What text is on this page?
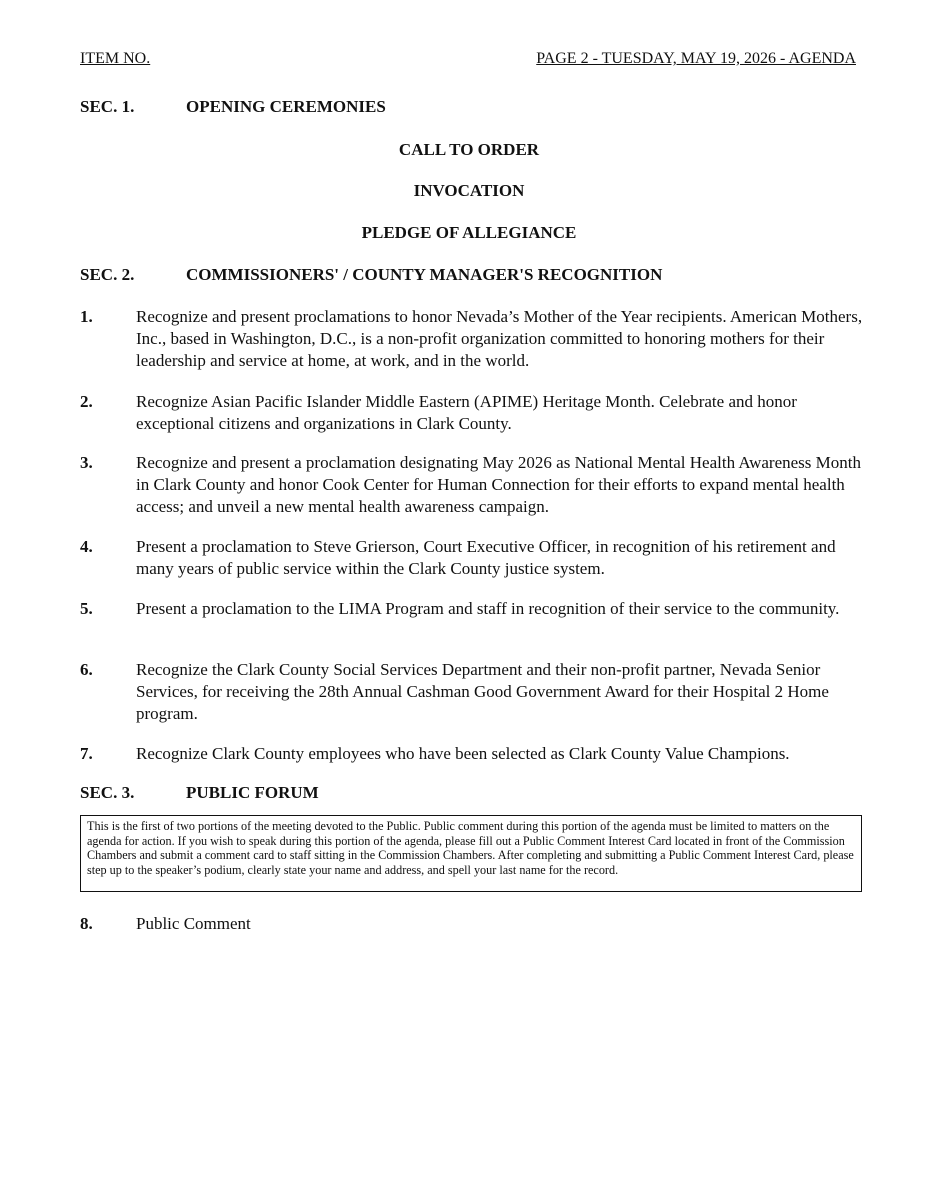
ITEM NO.	PAGE 2 - TUESDAY, MAY 19, 2026 - AGENDA
SEC. 1.	OPENING CEREMONIES
CALL TO ORDER
INVOCATION
PLEDGE OF ALLEGIANCE
SEC. 2.	COMMISSIONERS' / COUNTY MANAGER'S RECOGNITION
1.	Recognize and present proclamations to honor Nevada’s Mother of the Year recipients. American Mothers, Inc., based in Washington, D.C., is a non-profit organization committed to honoring mothers for their leadership and service at home, at work, and in the world.
2.	Recognize Asian Pacific Islander Middle Eastern (APIME) Heritage Month. Celebrate and honor exceptional citizens and organizations in Clark County.
3.	Recognize and present a proclamation designating May 2026 as National Mental Health Awareness Month in Clark County and honor Cook Center for Human Connection for their efforts to expand mental health access; and unveil a new mental health awareness campaign.
4.	Present a proclamation to Steve Grierson, Court Executive Officer, in recognition of his retirement and many years of public service within the Clark County justice system.
5.	Present a proclamation to the LIMA Program and staff in recognition of their service to the community.
6.	Recognize the Clark County Social Services Department and their non-profit partner, Nevada Senior Services, for receiving the 28th Annual Cashman Good Government Award for their Hospital 2 Home program.
7.	Recognize Clark County employees who have been selected as Clark County Value Champions.
SEC. 3.	PUBLIC FORUM
This is the first of two portions of the meeting devoted to the Public. Public comment during this portion of the agenda must be limited to matters on the agenda for action. If you wish to speak during this portion of the agenda, please fill out a Public Comment Interest Card located in front of the Commission Chambers and submit a comment card to staff sitting in the Commission Chambers. After completing and submitting a Public Comment Interest Card, please step up to the speaker’s podium, clearly state your name and address, and spell your last name for the record.
8.	Public Comment
